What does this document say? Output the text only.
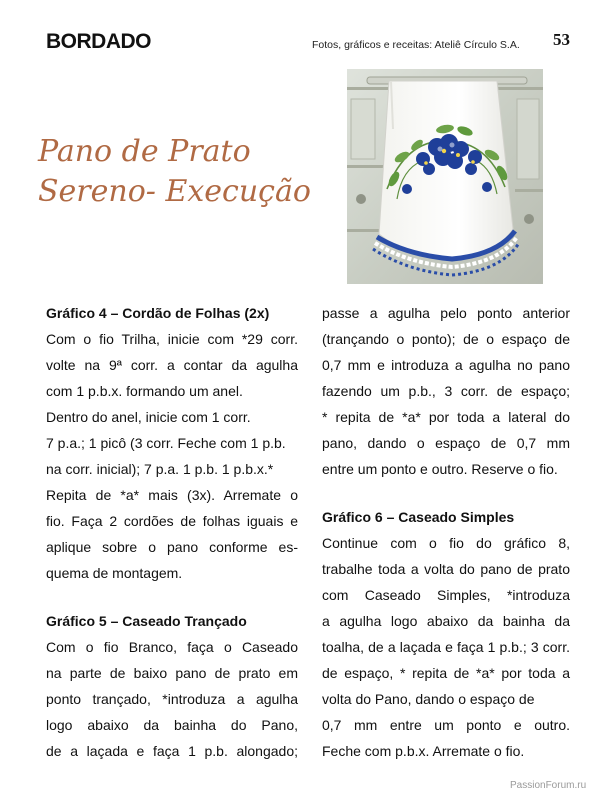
BORDADO	Fotos, gráficos e receitas: Ateliê Círculo S.A. 53
Pano de Prato
Sereno- Execução
Gráfico 4 – Cordão de Folhas (2x)

Com o fio Trilha, inicie com *29 corr.
volte na 9ª corr. a contar da agulha
com 1 p.b.x. formando um anel.
Dentro do anel, inicie com 1 corr.
7 p.a.; 1 picô (3 corr. Feche com 1 p.b.
na corr. inicial); 7 p.a. 1 p.b. 1 p.b.x.*
Repita de *a* mais (3x). Arremate o
fio. Faça 2 cordões de folhas iguais e
aplique sobre o pano conforme es-
quema de montagem.

Gráfico 5 – Caseado Trançado

Com o fio Branco, faça o Caseado
na parte de baixo pano de prato em
ponto trançado, *introduza a agulha
logo abaixo da bainha do Pano,
de a laçada e faça 1 p.b. alongado;

passe a agulha pelo ponto anterior
(trançando o ponto); de o espaço de
0,7 mm e introduza a agulha no pano
fazendo um p.b., 3 corr. de espaço;
* repita de *a* por toda a lateral do
pano, dando o espaço de 0,7 mm
entre um ponto e outro. Reserve o fio.

Gráfico 6 – Caseado Simples

Continue com o fio do gráfico 8,
trabalhe toda a volta do pano de prato
com Caseado Simples, *introduza
a agulha logo abaixo da bainha da
toalha, de a laçada e faça 1 p.b.; 3 corr.
de espaço, * repita de *a* por toda a
volta do Pano, dando o espaço de
0,7 mm entre um ponto e outro.
Feche com p.b.x. Arremate o fio.

PassionForum.ru
